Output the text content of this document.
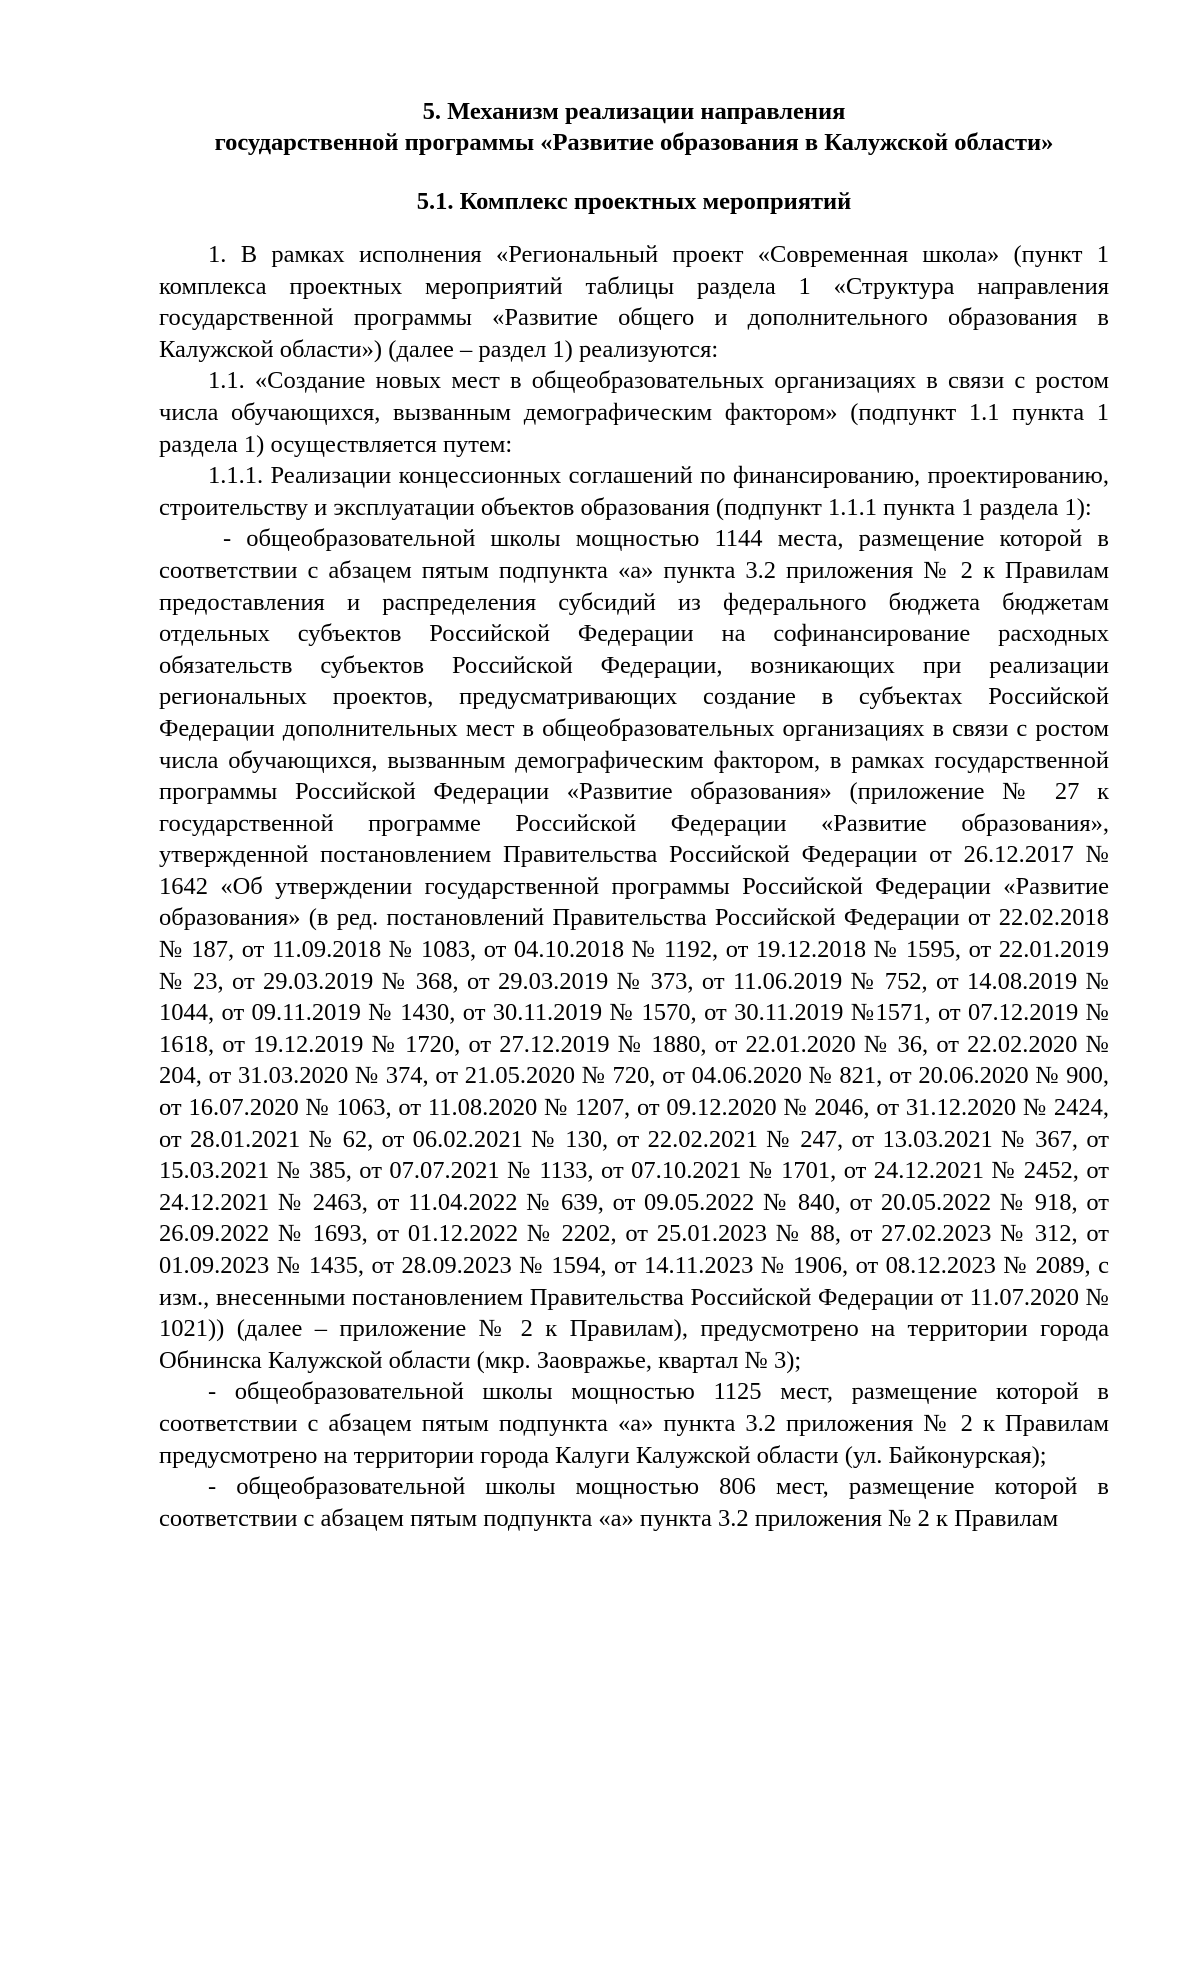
5. Механизм реализации направления

государственной программы «Развитие образования в Калужской области»

5.1. Комплекс проектных мероприятий

1. В рамках исполнения «Региональный проект «Современная школа» (пункт 1 комплекса проектных мероприятий таблицы раздела 1 «Структура направления государственной программы «Развитие общего и дополнительного образования в Калужской области») (далее – раздел 1) реализуются:

1.1. «Создание новых мест в общеобразовательных организациях в связи с ростом числа обучающихся, вызванным демографическим фактором» (подпункт 1.1 пункта 1 раздела 1) осуществляется путем:

1.1.1. Реализации концессионных соглашений по финансированию, проектированию, строительству и эксплуатации объектов образования (подпункт 1.1.1 пункта 1 раздела 1):

- общеобразовательной школы мощностью 1144 места, размещение которой в соответствии с абзацем пятым подпункта «а» пункта 3.2 приложения № 2 к Правилам предоставления и распределения субсидий из федерального бюджета бюджетам отдельных субъектов Российской Федерации на софинансирование расходных обязательств субъектов Российской Федерации, возникающих при реализации региональных проектов, предусматривающих создание в субъектах Российской Федерации дополнительных мест в общеобразовательных организациях в связи с ростом числа обучающихся, вызванным демографическим фактором, в рамках государственной программы Российской Федерации «Развитие образования» (приложение № 27 к государственной программе Российской Федерации «Развитие образования», утвержденной постановлением Правительства Российской Федерации от 26.12.2017 № 1642 «Об утверждении государственной программы Российской Федерации «Развитие образования» (в ред. постановлений Правительства Российской Федерации от 22.02.2018 № 187, от 11.09.2018 № 1083, от 04.10.2018 № 1192, от 19.12.2018 № 1595, от 22.01.2019 № 23, от 29.03.2019 № 368, от 29.03.2019 № 373, от 11.06.2019 № 752, от 14.08.2019 № 1044, от 09.11.2019 № 1430, от 30.11.2019 № 1570, от 30.11.2019 №1571, от 07.12.2019 № 1618, от 19.12.2019 № 1720, от 27.12.2019 № 1880, от 22.01.2020 № 36, от 22.02.2020 № 204, от 31.03.2020 № 374, от 21.05.2020 № 720, от 04.06.2020 № 821, от 20.06.2020 № 900, от 16.07.2020 № 1063, от 11.08.2020 № 1207, от 09.12.2020 № 2046, от 31.12.2020 № 2424, от 28.01.2021 № 62, от 06.02.2021 № 130, от 22.02.2021 № 247, от 13.03.2021 № 367, от 15.03.2021 № 385, от 07.07.2021 № 1133, от 07.10.2021 № 1701, от 24.12.2021 № 2452, от 24.12.2021 № 2463, от 11.04.2022 № 639, от 09.05.2022 № 840, от 20.05.2022 № 918, от 26.09.2022 № 1693, от 01.12.2022 № 2202, от 25.01.2023 № 88, от 27.02.2023 № 312, от 01.09.2023 № 1435, от 28.09.2023 № 1594, от 14.11.2023 № 1906, от 08.12.2023 № 2089, с изм., внесенными постановлением Правительства Российской Федерации от 11.07.2020 № 1021)) (далее – приложение № 2 к Правилам), предусмотрено на территории города Обнинска Калужской области (мкр. Заовражье, квартал № 3);

- общеобразовательной школы мощностью 1125 мест, размещение которой в соответствии с абзацем пятым подпункта «а» пункта 3.2 приложения № 2 к Правилам предусмотрено на территории города Калуги Калужской области (ул. Байконурская);

- общеобразовательной школы мощностью 806 мест, размещение которой в соответствии с абзацем пятым подпункта «а» пункта 3.2 приложения № 2 к Правилам
